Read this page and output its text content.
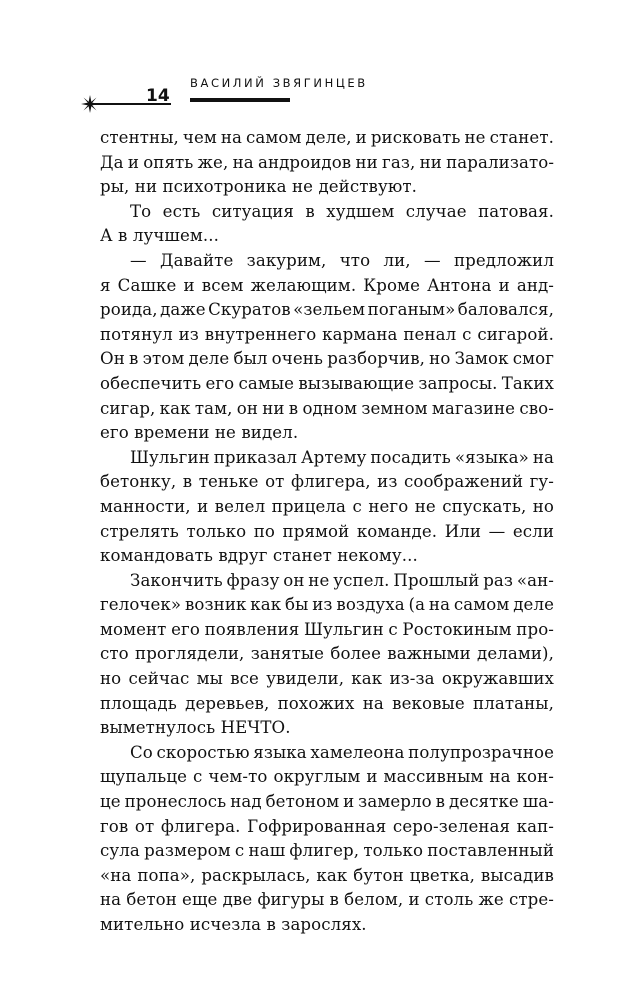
14
ВАСИЛИЙ ЗВЯГИНЦЕВ

стентны, чем на самом деле, и рисковать не станет.
Да и опять же, на андроидов ни газ, ни парализато-
ры, ни психотроника не действуют.

То есть ситуация в худшем случае патовая.
А в лучшем...

— Давайте закурим, что ли, — предложил
я Сашке и всем желающим. Кроме Антона и анд-
роида, даже Скуратов «зельем поганым» баловался,
потянул из внутреннего кармана пенал с сигарой.
Он в этом деле был очень разборчив, но Замок смог
обеспечить его самые вызывающие запросы. Таких
сигар, как там, он ни в одном земном магазине сво-
его времени не видел.

Шульгин приказал Артему посадить «языка» на
бетонку, в теньке от флигера, из соображений гу-
манности, и велел прицела с него не спускать, но
стрелять только по прямой команде. Или — если
командовать вдруг станет некому...

Закончить фразу он не успел. Прошлый раз «ан-
гелочек» возник как бы из воздуха (а на самом деле
момент его появления Шульгин с Ростокиным про-
сто проглядели, занятые более важными делами),
но сейчас мы все увидели, как из-за окружавших
площадь деревьев, похожих на вековые платаны,
выметнулось НЕЧТО.

Со скоростью языка хамелеона полупрозрачное
щупальце с чем-то округлым и массивным на кон-
це пронеслось над бетоном и замерло в десятке ша-
гов от флигера. Гофрированная серо-зеленая кап-
сула размером с наш флигер, только поставленный
«на попа», раскрылась, как бутон цветка, высадив
на бетон еще две фигуры в белом, и столь же стре-
мительно исчезла в зарослях.
